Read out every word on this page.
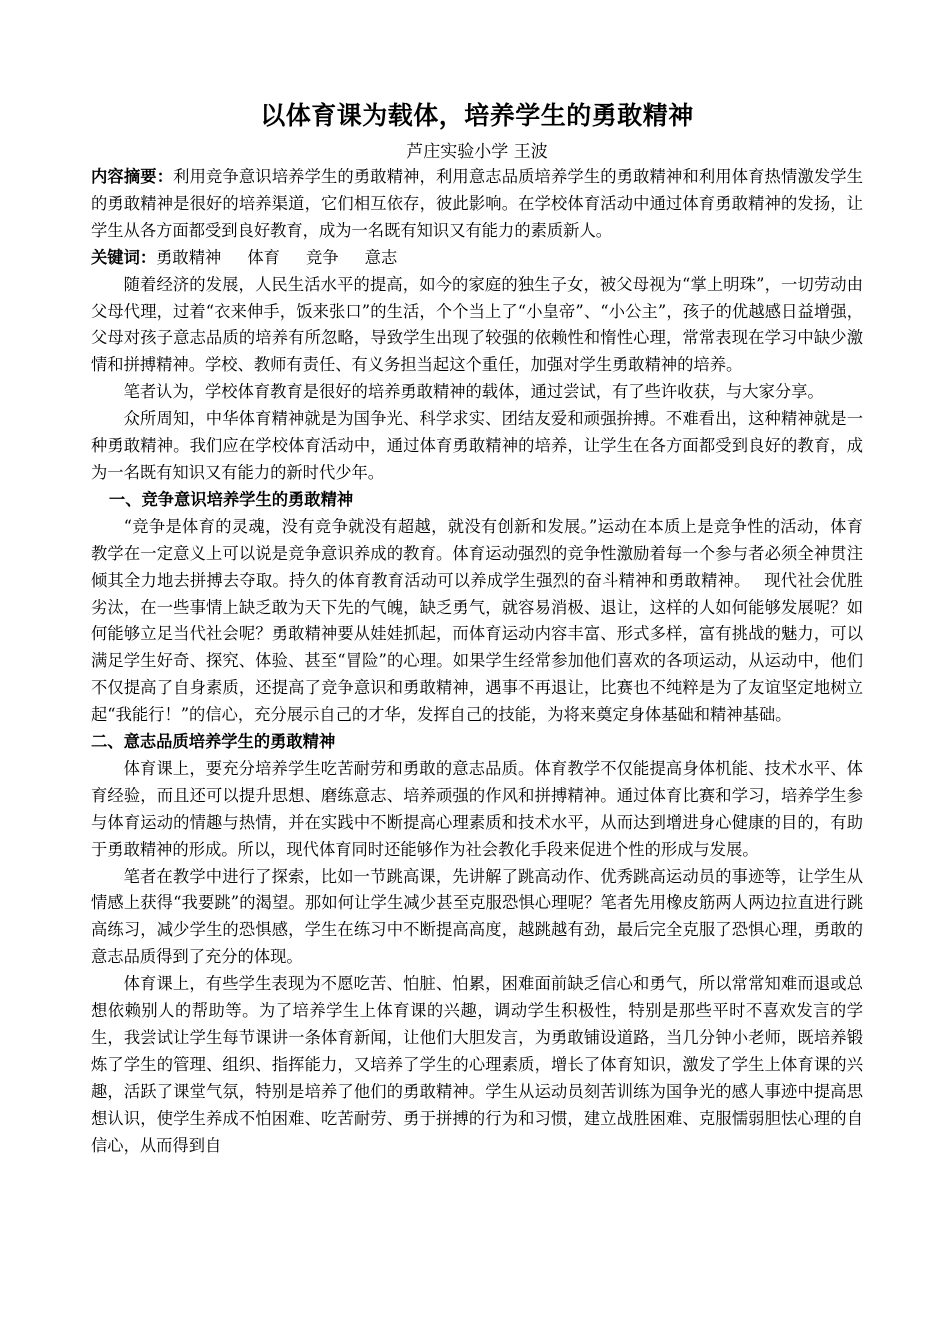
以体育课为载体，培养学生的勇敢精神

芦庄实验小学 王波

内容摘要：利用竞争意识培养学生的勇敢精神，利用意志品质培养学生的勇敢精神和利用体育热情激发学生的勇敢精神是很好的培养渠道，它们相互依存，彼此影响。在学校体育活动中通过体育勇敢精神的发扬，让学生从各方面都受到良好教育，成为一名既有知识又有能力的素质新人。

关键词：勇敢精神 体育 竞争 意志

随着经济的发展，人民生活水平的提高，如今的家庭的独生子女，被父母视为“掌上明珠”，一切劳动由父母代理，过着“衣来伸手，饭来张口”的生活，个个当上了“小皇帝”、“小公主”，孩子的优越感日益增强，父母对孩子意志品质的培养有所忽略，导致学生出现了较强的依赖性和惰性心理，常常表现在学习中缺少激情和拼搏精神。学校、教师有责任、有义务担当起这个重任，加强对学生勇敢精神的培养。

笔者认为，学校体育教育是很好的培养勇敢精神的载体，通过尝试，有了些许收获，与大家分享。

众所周知，中华体育精神就是为国争光、科学求实、团结友爱和顽强拚搏。不难看出，这种精神就是一种勇敢精神。我们应在学校体育活动中，通过体育勇敢精神的培养，让学生在各方面都受到良好的教育，成为一名既有知识又有能力的新时代少年。

一、竞争意识培养学生的勇敢精神

“竞争是体育的灵魂，没有竞争就没有超越，就没有创新和发展。”运动在本质上是竞争性的活动，体育教学在一定意义上可以说是竞争意识养成的教育。体育运动强烈的竞争性激励着每一个参与者必须全神贯注倾其全力地去拼搏去夺取。持久的体育教育活动可以养成学生强烈的奋斗精神和勇敢精神。　 现代社会优胜劣汰，在一些事情上缺乏敢为天下先的气魄，缺乏勇气，就容易消极、退让，这样的人如何能够发展呢？如何能够立足当代社会呢？勇敢精神要从娃娃抓起，而体育运动内容丰富、形式多样，富有挑战的魅力，可以满足学生好奇、探究、体验、甚至“冒险”的心理。如果学生经常参加他们喜欢的各项运动，从运动中，他们不仅提高了自身素质，还提高了竞争意识和勇敢精神，遇事不再退让，比赛也不纯粹是为了友谊坚定地树立起“我能行！”的信心，充分展示自己的才华，发挥自己的技能，为将来奠定身体基础和精神基础。

二、意志品质培养学生的勇敢精神

体育课上，要充分培养学生吃苦耐劳和勇敢的意志品质。体育教学不仅能提高身体机能、技术水平、体育经验，而且还可以提升思想、磨练意志、培养顽强的作风和拼搏精神。通过体育比赛和学习，培养学生参与体育运动的情趣与热情，并在实践中不断提高心理素质和技术水平，从而达到增进身心健康的目的，有助于勇敢精神的形成。所以，现代体育同时还能够作为社会教化手段来促进个性的形成与发展。

笔者在教学中进行了探索，比如一节跳高课，先讲解了跳高动作、优秀跳高运动员的事迹等，让学生从情感上获得“我要跳”的渴望。那如何让学生减少甚至克服恐惧心理呢？笔者先用橡皮筋两人两边拉直进行跳高练习，减少学生的恐惧感，学生在练习中不断提高高度，越跳越有劲，最后完全克服了恐惧心理，勇敢的意志品质得到了充分的体现。

体育课上，有些学生表现为不愿吃苦、怕脏、怕累，困难面前缺乏信心和勇气，所以常常知难而退或总想依赖别人的帮助等。为了培养学生上体育课的兴趣，调动学生积极性，特别是那些平时不喜欢发言的学生，我尝试让学生每节课讲一条体育新闻，让他们大胆发言，为勇敢铺设道路，当几分钟小老师，既培养锻炼了学生的管理、组织、指挥能力，又培养了学生的心理素质，增长了体育知识，激发了学生上体育课的兴趣，活跃了课堂气氛，特别是培养了他们的勇敢精神。学生从运动员刻苦训练为国争光的感人事迹中提高思想认识，使学生养成不怕困难、吃苦耐劳、勇于拼搏的行为和习惯，建立战胜困难、克服懦弱胆怯心理的自信心，从而得到自
